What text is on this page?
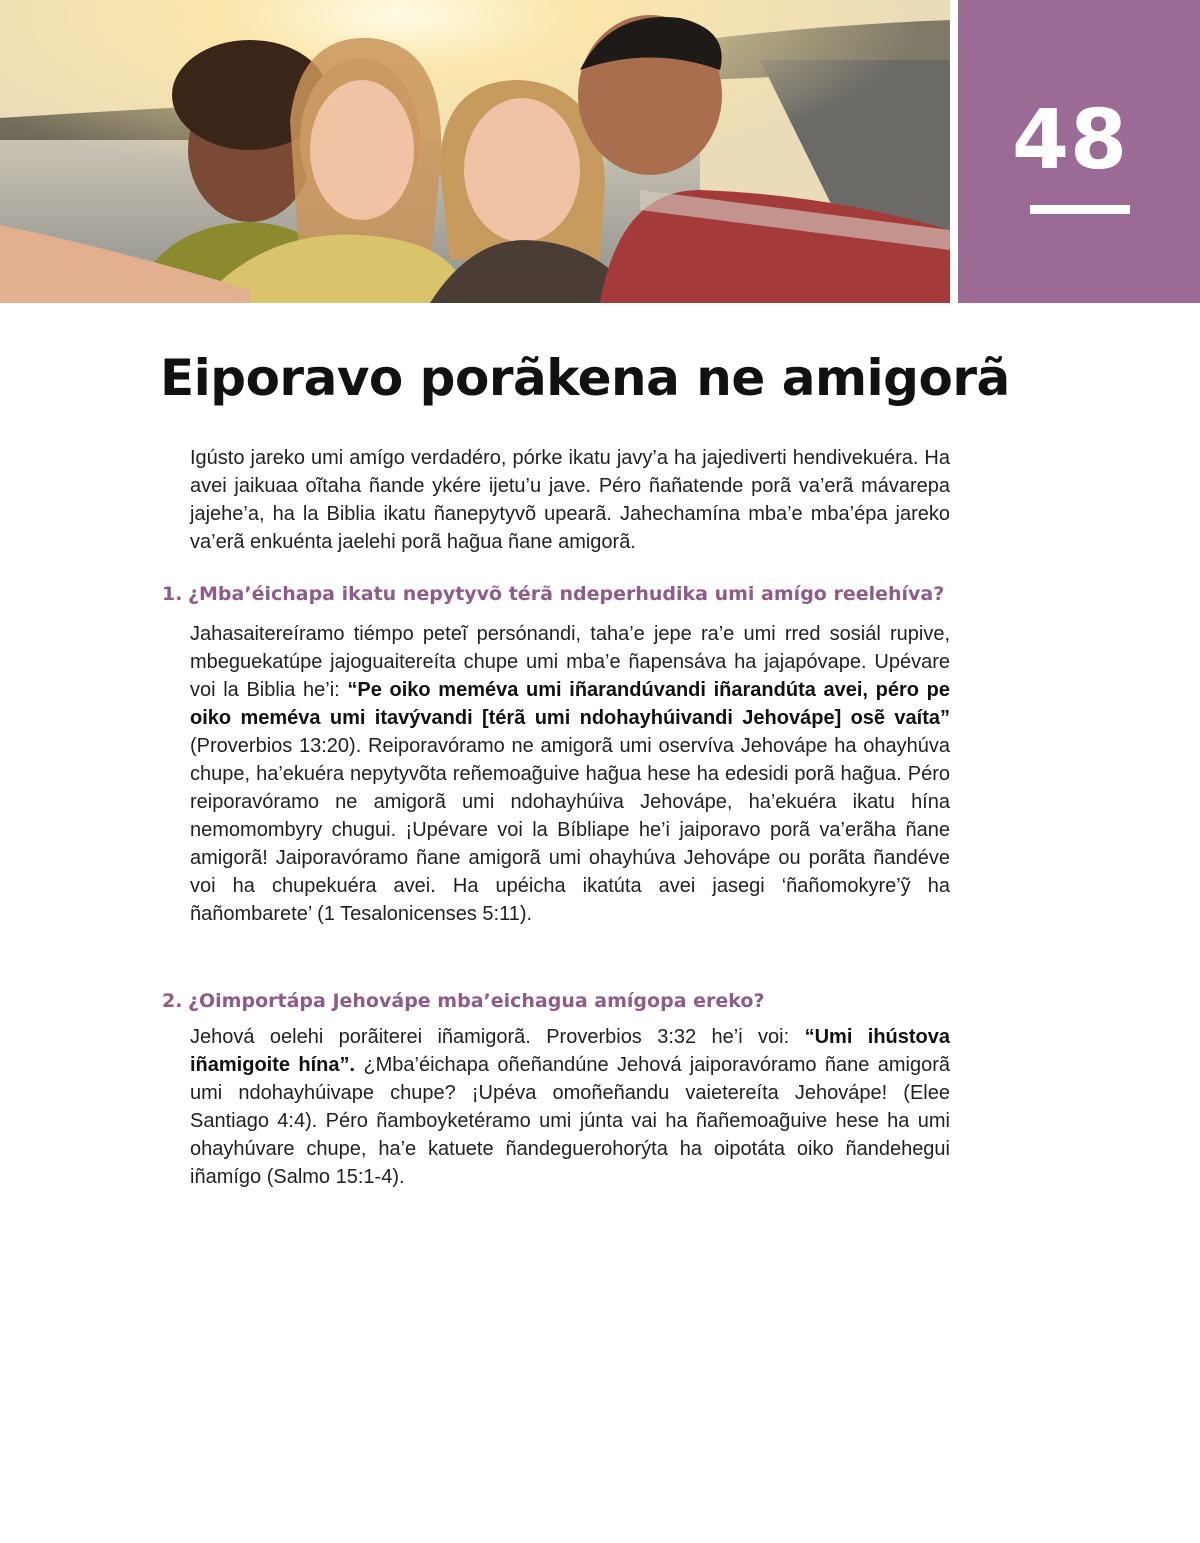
48
Eiporavo porãkena ne amigorã

Igústo jareko umi amígo verdadéro, pórke ikatu javy’a ha jajediverti hendivekuéra. Ha avei jaikuaa oĩtaha ñande ykére ijetu’u jave. Péro ñañatende porã va’erã mávarepa jajehe’a, ha la Biblia ikatu ñanepytyvõ upearã. Jahechamína mba’e mba’épa jareko va’erã enkuénta jaelehi porã hag̃ua ñane amigorã.

1. ¿Mba’éichapa ikatu nepytyvõ térã ndeperhudika umi amígo reelehíva?

Jahasaitereíramo tiémpo peteĩ persónandi, taha’e jepe ra’e umi rred sosiál rupive, mbeguekatúpe jajoguaitereíta chupe umi mba’e ñapensáva ha jajapóvape. Upévare voi la Biblia he’i: “Pe oiko meméva umi iñarandúvandi iñarandúta avei, péro pe oiko meméva umi itavývandi [térã umi ndohayhúivandi Jehovápe] osẽ vaíta” (Proverbios 13:20). Reiporavóramo ne amigorã umi oservíva Jehovápe ha ohayhúva chupe, ha’ekuéra nepytyvõta reñemoag̃uive hag̃ua hese ha edesidi porã hag̃ua. Péro reiporavóramo ne amigorã umi ndohayhúiva Jehovápe, ha’ekuéra ikatu hína nemomombyry chugui. ¡Upévare voi la Bíbliape he’i jaiporavo porã va’erãha ñane amigorã! Jaiporavóramo ñane amigorã umi ohayhúva Jehovápe ou porãta ñandéve voi ha chupekuéra avei. Ha upéicha ikatúta avei jasegi ‘ñañomokyre’ỹ ha ñañombarete’ (1 Tesalonicenses 5:11).

2. ¿Oimportápa Jehovápe mba’eichagua amígopa ereko?

Jehová oelehi porãiterei iñamigorã. Proverbios 3:32 he’i voi: “Umi ihústova iñamigoite hína”. ¿Mba’éichapa oñeñandúne Jehová jaiporavóramo ñane amigorã umi ndohayhúivape chupe? ¡Upéva omoñeñandu vaietereíta Jehovápe! (Elee Santiago 4:4). Péro ñamboyketéramo umi júnta vai ha ñañemoag̃uive hese ha umi ohayhúvare chupe, ha’e katuete ñandeguerohorýta ha oipotáta oiko ñandehegui iñamígo (Salmo 15:1-4).
